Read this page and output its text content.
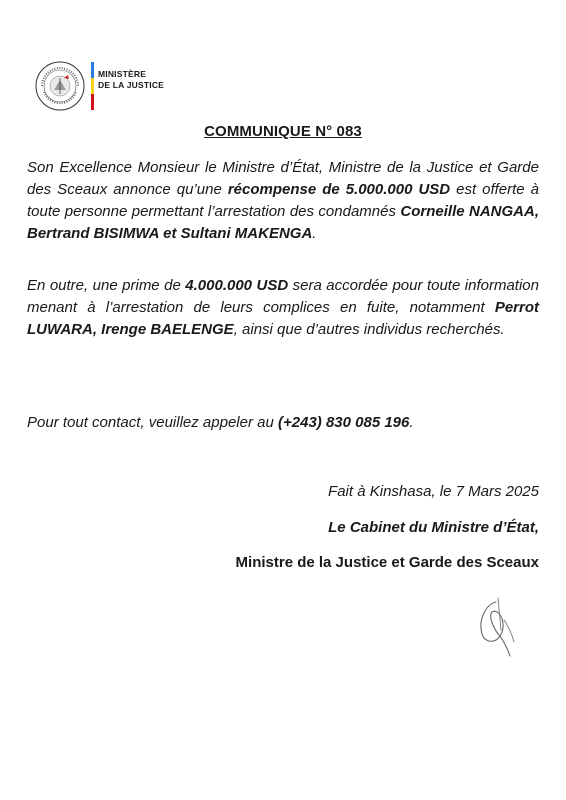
MINISTÈRE
DE LA JUSTICE
COMMUNIQUE N° 083
Son Excellence Monsieur le Ministre d’État, Ministre de la Justice et Garde des Sceaux annonce qu’une récompense de 5.000.000 USD est offerte à toute personne permettant l’arrestation des condamnés Corneille NANGAA, Bertrand BISIMWA et Sultani MAKENGA.
En outre, une prime de 4.000.000 USD sera accordée pour toute information menant à l’arrestation de leurs complices en fuite, notamment Perrot LUWARA, Irenge BAELENGE, ainsi que d’autres individus recherchés.
Pour tout contact, veuillez appeler au (+243) 830 085 196.
Fait à Kinshasa, le 7 Mars 2025
Le Cabinet du Ministre d’État,
Ministre de la Justice et Garde des Sceaux
